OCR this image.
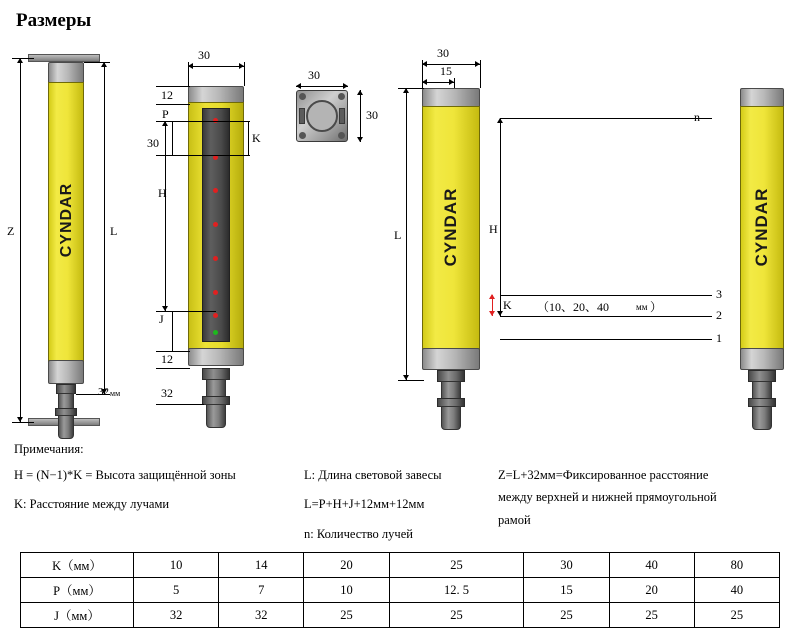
Размеры
CYNDAR
Z	L
32 мм
30
12
P
30
H
J
12
32
K
30
30
30
15
CYNDAR	CYNDAR
L	H
n
3
2
1
K （10、20、40	мм ）
Примечания:
H = (N−1)*K = Высота защищённой зоны
K: Расстояние между лучами
L: Длина световой завесы
L=P+H+J+12мм+12мм
n: Количество лучей
Z=L+32мм=Фиксированное расстояние
между верхней и нижней прямоугольной
рамой
K（мм）	10	14	20	25	30	40	80
P（мм）	5	7	10	12. 5	15	20	40
J（мм）	32	32	25	25	25	25	25
